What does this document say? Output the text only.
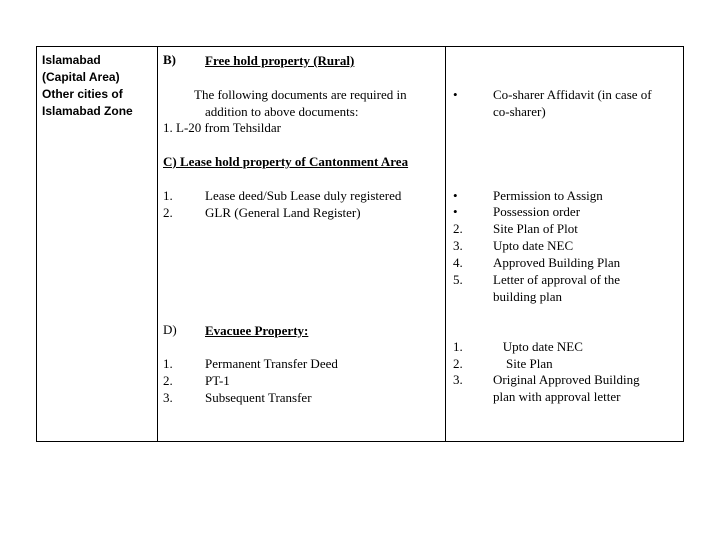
Islamabad
(Capital Area)
Other cities of
Islamabad Zone
B) Free hold property (Rural)
The following documents are required in
addition to above documents:
1. L-20 from Tehsildar
•	Co-sharer Affidavit (in case of
co-sharer)
C) Lease hold property of Cantonment Area
1.
2.
Lease deed/Sub Lease duly registered
GLR (General Land Register)
•
•
2.
3.
4.
5.
Permission to Assign
Possession order
Site Plan of Plot
Upto date NEC
Approved Building Plan
Letter of approval of the
building plan
D) Evacuee Property:
1.
2.
3.
Permanent Transfer Deed
PT-1
Subsequent Transfer
1.
2.
3.
Upto date NEC
Site Plan
Original Approved Building
plan with approval letter
